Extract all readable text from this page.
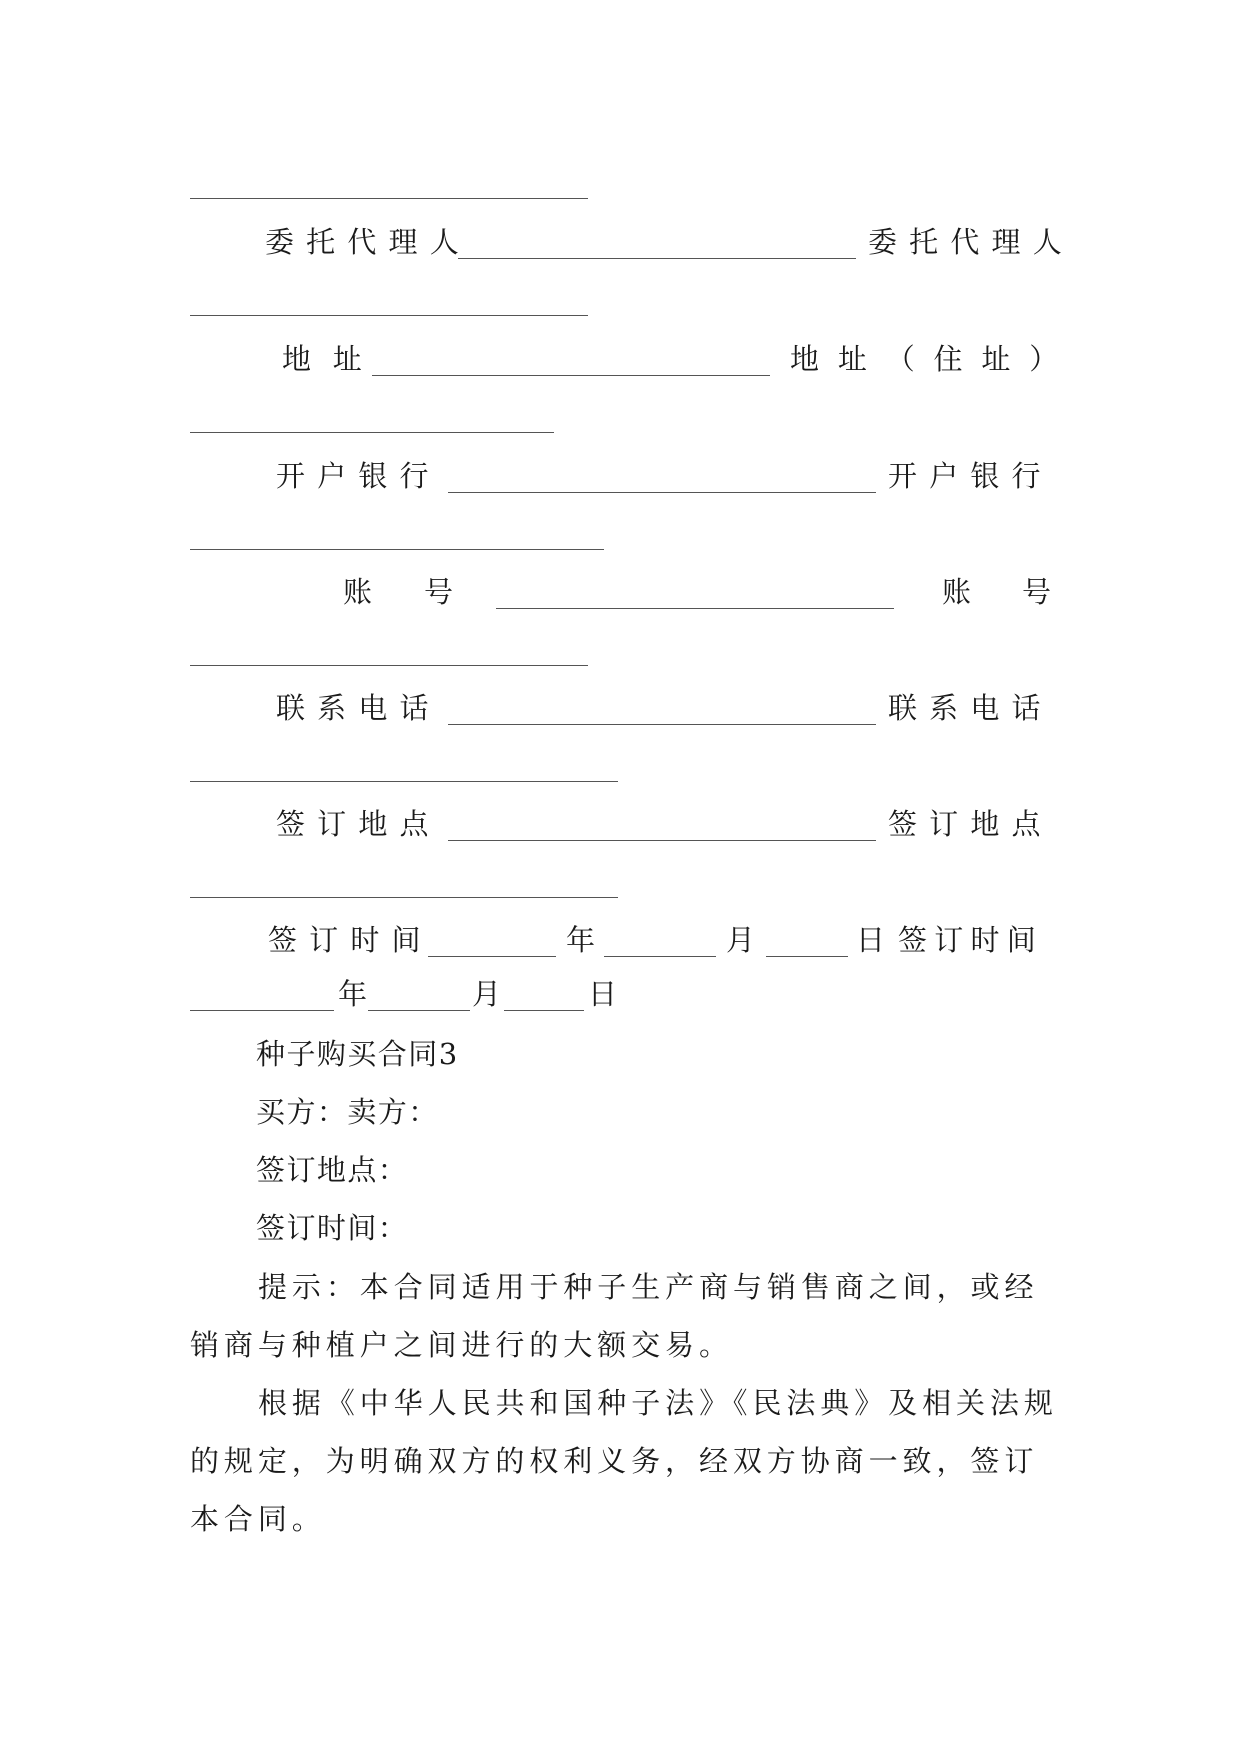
委托代理人	委托代理人
地址	地址（住址）
开户银行	开户银行
账 号	账 号
联系电话	联系电话
签订地点	签订地点
签订时间	年	月	日 签订时间
年	月	日
种子购买合同3
买方：卖方：
签订地点：
签订时间：
提示：本合同适用于种子生产商与销售商之间，或经销商与种植户之间进行的大额交易。
根据《中华人民共和国种子法》《民法典》及相关法规的规定，为明确双方的权利义务，经双方协商一致，签订本合同。
